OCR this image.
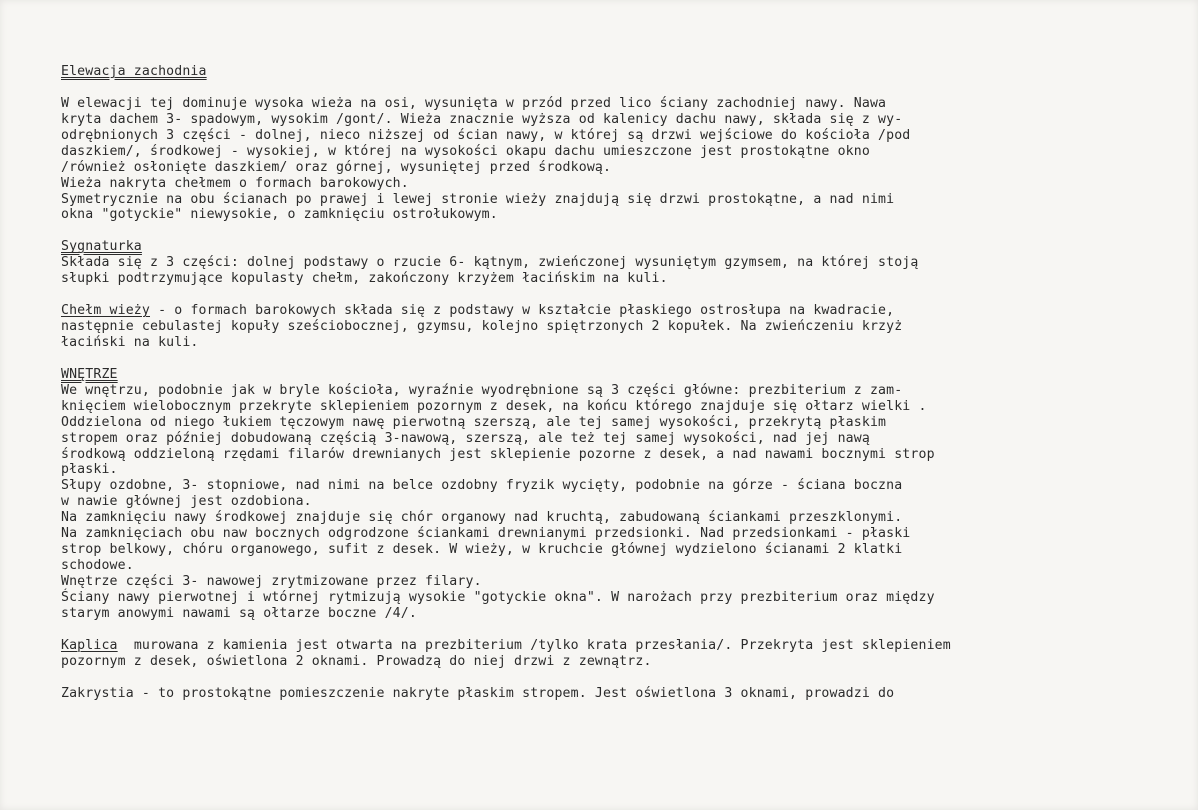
Elewacja zachodnia
W elewacji tej dominuje wysoka wieża na osi, wysunięta w przód przed lico ściany zachodniej nawy. Nawa
kryta dachem 3- spadowym, wysokim /gont/. Wieża znacznie wyższa od kalenicy dachu nawy, składa się z wy-
odrębnionych 3 części - dolnej, nieco niższej od ścian nawy, w której są drzwi wejściowe do kościoła /pod
daszkiem/, środkowej - wysokiej, w której na wysokości okapu dachu umieszczone jest prostokątne okno
/również osłonięte daszkiem/ oraz górnej, wysuniętej przed środkową.
Wieża nakryta chełmem o formach barokowych.
Symetrycznie na obu ścianach po prawej i lewej stronie wieży znajdują się drzwi prostokątne, a nad nimi
okna "gotyckie" niewysokie, o zamknięciu ostrołukowym.
Sygnaturka
Składa się z 3 części: dolnej podstawy o rzucie 6- kątnym, zwieńczonej wysuniętym gzymsem, na której stoją
słupki podtrzymujące kopulasty chełm, zakończony krzyżem łacińskim na kuli.
Chełm wieży - o formach barokowych składa się z podstawy w kształcie płaskiego ostrosłupa na kwadracie,
następnie cebulastej kopuły sześciobocznej, gzymsu, kolejno spiętrzonych 2 kopułek. Na zwieńczeniu krzyż
łaciński na kuli.
WNĘTRZE
We wnętrzu, podobnie jak w bryle kościoła, wyraźnie wyodrębnione są 3 części główne: prezbiterium z zam-
knięciem wielobocznym przekryte sklepieniem pozornym z desek, na końcu którego znajduje się ołtarz wielki .
Oddzielona od niego łukiem tęczowym nawę pierwotną szerszą, ale tej samej wysokości, przekrytą płaskim
stropem oraz później dobudowaną częścią 3-nawową, szerszą, ale też tej samej wysokości, nad jej nawą
środkową oddzieloną rzędami filarów drewnianych jest sklepienie pozorne z desek, a nad nawami bocznymi strop
płaski.
Słupy ozdobne, 3- stopniowe, nad nimi na belce ozdobny fryzik wycięty, podobnie na górze - ściana boczna
w nawie głównej jest ozdobiona.
Na zamknięciu nawy środkowej znajduje się chór organowy nad kruchtą, zabudowaną ściankami przeszklonymi.
Na zamknięciach obu naw bocznych odgrodzone ściankami drewnianymi przedsionki. Nad przedsionkami - płaski
strop belkowy, chóru organowego, sufit z desek. W wieży, w kruchcie głównej wydzielono ścianami 2 klatki
schodowe.
Wnętrze części 3- nawowej zrytmizowane przez filary.
Ściany nawy pierwotnej i wtórnej rytmizują wysokie "gotyckie okna". W narożach przy prezbiterium oraz między
starym anowymi nawami są ołtarze boczne /4/.
Kaplica  murowana z kamienia jest otwarta na prezbiterium /tylko krata przesłania/. Przekryta jest sklepieniem
pozornym z desek, oświetlona 2 oknami. Prowadzą do niej drzwi z zewnątrz.
Zakrystia - to prostokątne pomieszczenie nakryte płaskim stropem. Jest oświetlona 3 oknami, prowadzi do
